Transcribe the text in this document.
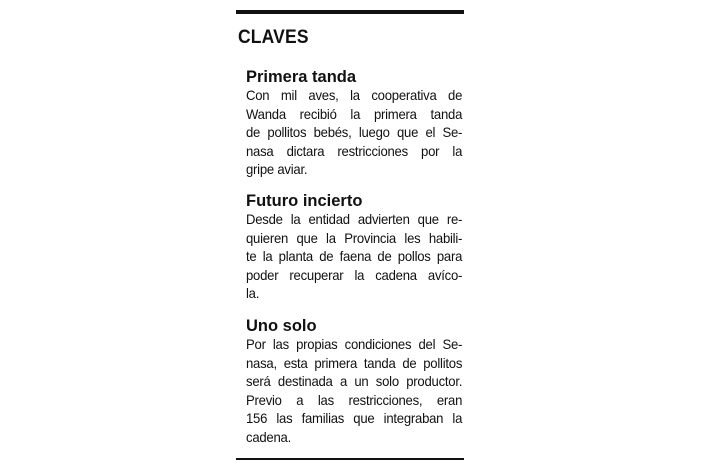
CLAVES
Primera tanda

Con mil aves, la cooperativa de
Wanda recibió la primera tanda
de pollitos bebés, luego que el Se-
nasa dictara restricciones por la
gripe aviar.

Futuro incierto

Desde la entidad advierten que re-
quieren que la Provincia les habili-
te la planta de faena de pollos para
poder recuperar la cadena avíco-
la.

Uno solo

Por las propias condiciones del Se-
nasa, esta primera tanda de pollitos
será destinada a un solo productor.
Previo a las restricciones, eran
156 las familias que integraban la
cadena.
